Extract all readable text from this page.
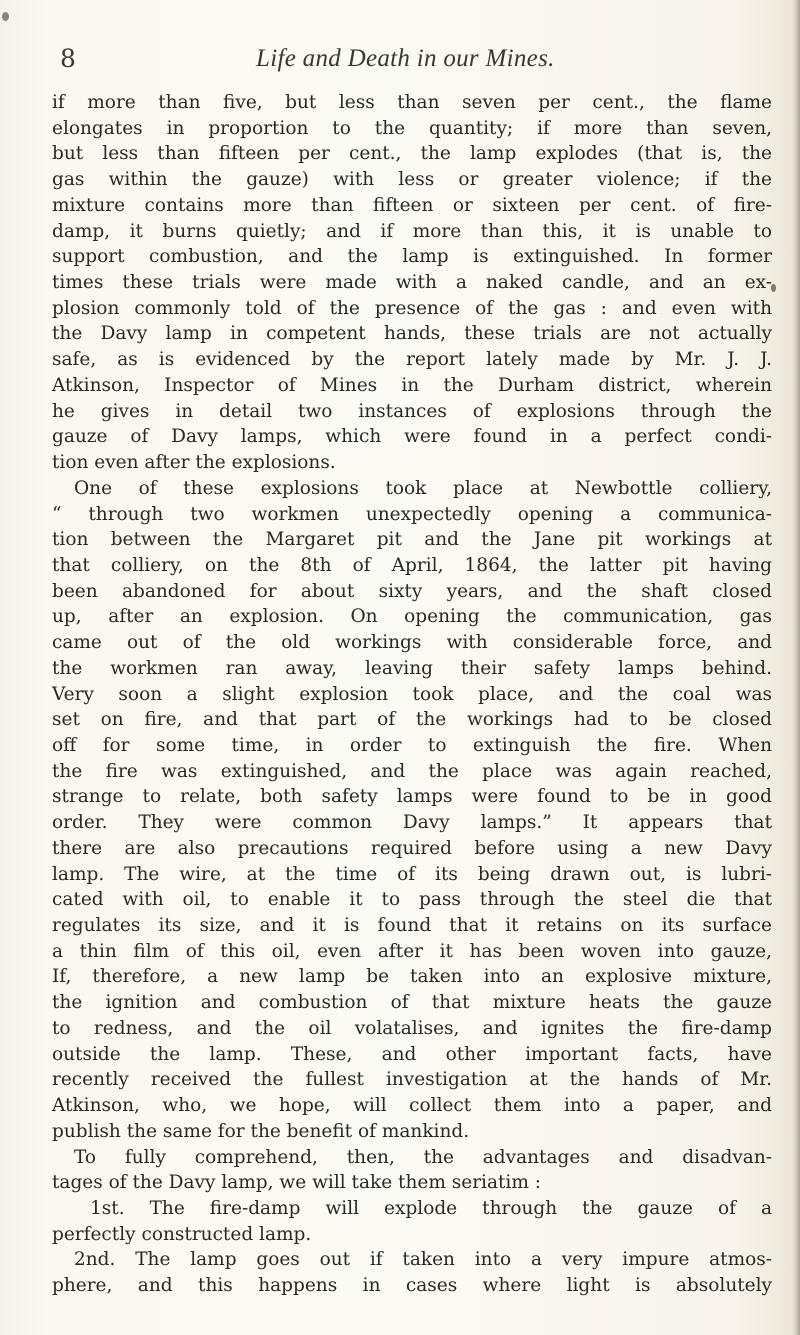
8	Life and Death in our Mines.
if more than five, but less than seven per cent., the flame
elongates in proportion to the quantity; if more than seven,
but less than fifteen per cent., the lamp explodes (that is, the
gas within the gauze) with less or greater violence; if the
mixture contains more than fifteen or sixteen per cent. of fire-
damp, it burns quietly; and if more than this, it is unable to
support combustion, and the lamp is extinguished. In former
times these trials were made with a naked candle, and an ex-
plosion commonly told of the presence of the gas : and even with
the Davy lamp in competent hands, these trials are not actually
safe, as is evidenced by the report lately made by Mr. J. J.
Atkinson, Inspector of Mines in the Durham district, wherein
he gives in detail two instances of explosions through the
gauze of Davy lamps, which were found in a perfect condi-
tion even after the explosions.
One of these explosions took place at Newbottle colliery,
“ through two workmen unexpectedly opening a communica-
tion between the Margaret pit and the Jane pit workings at
that colliery, on the 8th of April, 1864, the latter pit having
been abandoned for about sixty years, and the shaft closed
up, after an explosion. On opening the communication, gas
came out of the old workings with considerable force, and
the workmen ran away, leaving their safety lamps behind.
Very soon a slight explosion took place, and the coal was
set on fire, and that part of the workings had to be closed
off for some time, in order to extinguish the fire. When
the fire was extinguished, and the place was again reached,
strange to relate, both safety lamps were found to be in good
order. They were common Davy lamps.” It appears that
there are also precautions required before using a new Davy
lamp. The wire, at the time of its being drawn out, is lubri-
cated with oil, to enable it to pass through the steel die that
regulates its size, and it is found that it retains on its surface
a thin film of this oil, even after it has been woven into gauze,
If, therefore, a new lamp be taken into an explosive mixture,
the ignition and combustion of that mixture heats the gauze
to redness, and the oil volatalises, and ignites the fire-damp
outside the lamp. These, and other important facts, have
recently received the fullest investigation at the hands of Mr.
Atkinson, who, we hope, will collect them into a paper, and
publish the same for the benefit of mankind.
To fully comprehend, then, the advantages and disadvan-
tages of the Davy lamp, we will take them seriatim :
1st. The fire-damp will explode through the gauze of a
perfectly constructed lamp.
2nd. The lamp goes out if taken into a very impure atmos-
phere, and this happens in cases where light is absolutely
